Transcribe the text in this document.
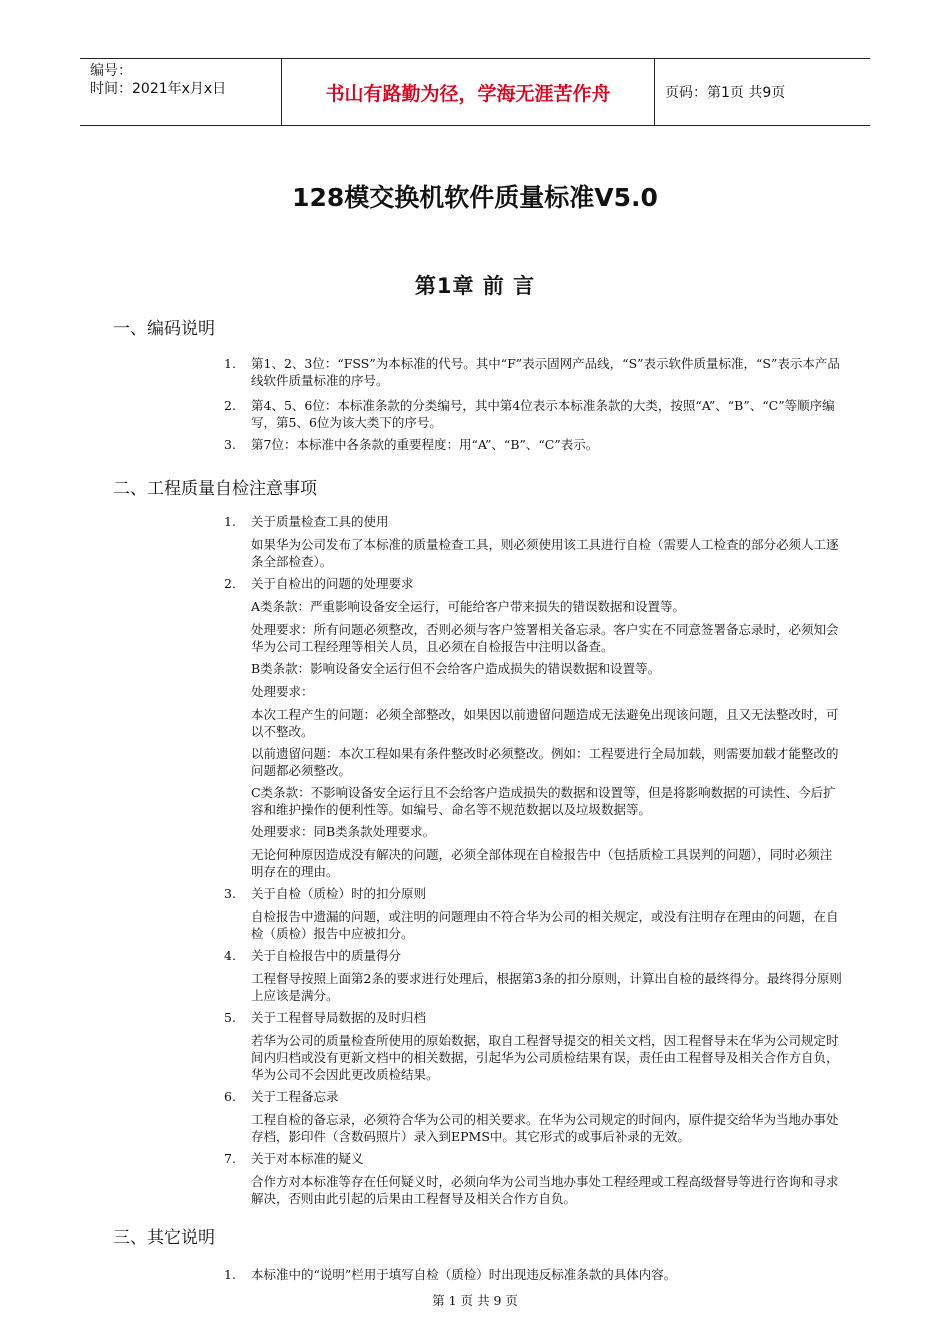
编号：
时间：2021年x月x日	书山有路勤为径，学海无涯苦作舟	页码：第1页 共9页
128模交换机软件质量标准V5.0
第1章 前 言
一、编码说明
1.	第1、2、3位：“FSS”为本标准的代号。其中“F”表示固网产品线，“S”表示软件质量标准，“S”表示本产品线软件质量标准的序号。
2.	第4、5、6位：本标准条款的分类编号，其中第4位表示本标准条款的大类，按照“A”、“B”、“C”等顺序编写，第5、6位为该大类下的序号。
3.	第7位：本标准中各条款的重要程度：用“A”、“B”、“C”表示。
二、工程质量自检注意事项
1.	关于质量检查工具的使用
如果华为公司发布了本标准的质量检查工具，则必须使用该工具进行自检（需要人工检查的部分必须人工逐条全部检查）。
2.	关于自检出的问题的处理要求
A类条款：严重影响设备安全运行，可能给客户带来损失的错误数据和设置等。
处理要求：所有问题必须整改，否则必须与客户签署相关备忘录。客户实在不同意签署备忘录时，必须知会华为公司工程经理等相关人员，且必须在自检报告中注明以备查。
B类条款：影响设备安全运行但不会给客户造成损失的错误数据和设置等。
处理要求：
本次工程产生的问题：必须全部整改，如果因以前遗留问题造成无法避免出现该问题，且又无法整改时，可以不整改。
以前遗留问题：本次工程如果有条件整改时必须整改。例如：工程要进行全局加载，则需要加载才能整改的问题都必须整改。
C类条款：不影响设备安全运行且不会给客户造成损失的数据和设置等，但是将影响数据的可读性、今后扩容和维护操作的便利性等。如编号、命名等不规范数据以及垃圾数据等。
处理要求：同B类条款处理要求。
无论何种原因造成没有解决的问题，必须全部体现在自检报告中（包括质检工具误判的问题），同时必须注明存在的理由。
3.	关于自检（质检）时的扣分原则
自检报告中遗漏的问题，或注明的问题理由不符合华为公司的相关规定，或没有注明存在理由的问题，在自检（质检）报告中应被扣分。
4.	关于自检报告中的质量得分
工程督导按照上面第2条的要求进行处理后，根据第3条的扣分原则，计算出自检的最终得分。最终得分原则上应该是满分。
5.	关于工程督导局数据的及时归档
若华为公司的质量检查所使用的原始数据，取自工程督导提交的相关文档，因工程督导未在华为公司规定时间内归档或没有更新文档中的相关数据，引起华为公司质检结果有误，责任由工程督导及相关合作方自负，华为公司不会因此更改质检结果。
6.	关于工程备忘录
工程自检的备忘录，必须符合华为公司的相关要求。在华为公司规定的时间内，原件提交给华为当地办事处存档，影印件（含数码照片）录入到EPMS中。其它形式的或事后补录的无效。
7.	关于对本标准的疑义
合作方对本标准等存在任何疑义时，必须向华为公司当地办事处工程经理或工程高级督导等进行咨询和寻求解决，否则由此引起的后果由工程督导及相关合作方自负。
三、其它说明
1.	本标准中的“说明”栏用于填写自检（质检）时出现违反标准条款的具体内容。
第 1 页 共 9 页
